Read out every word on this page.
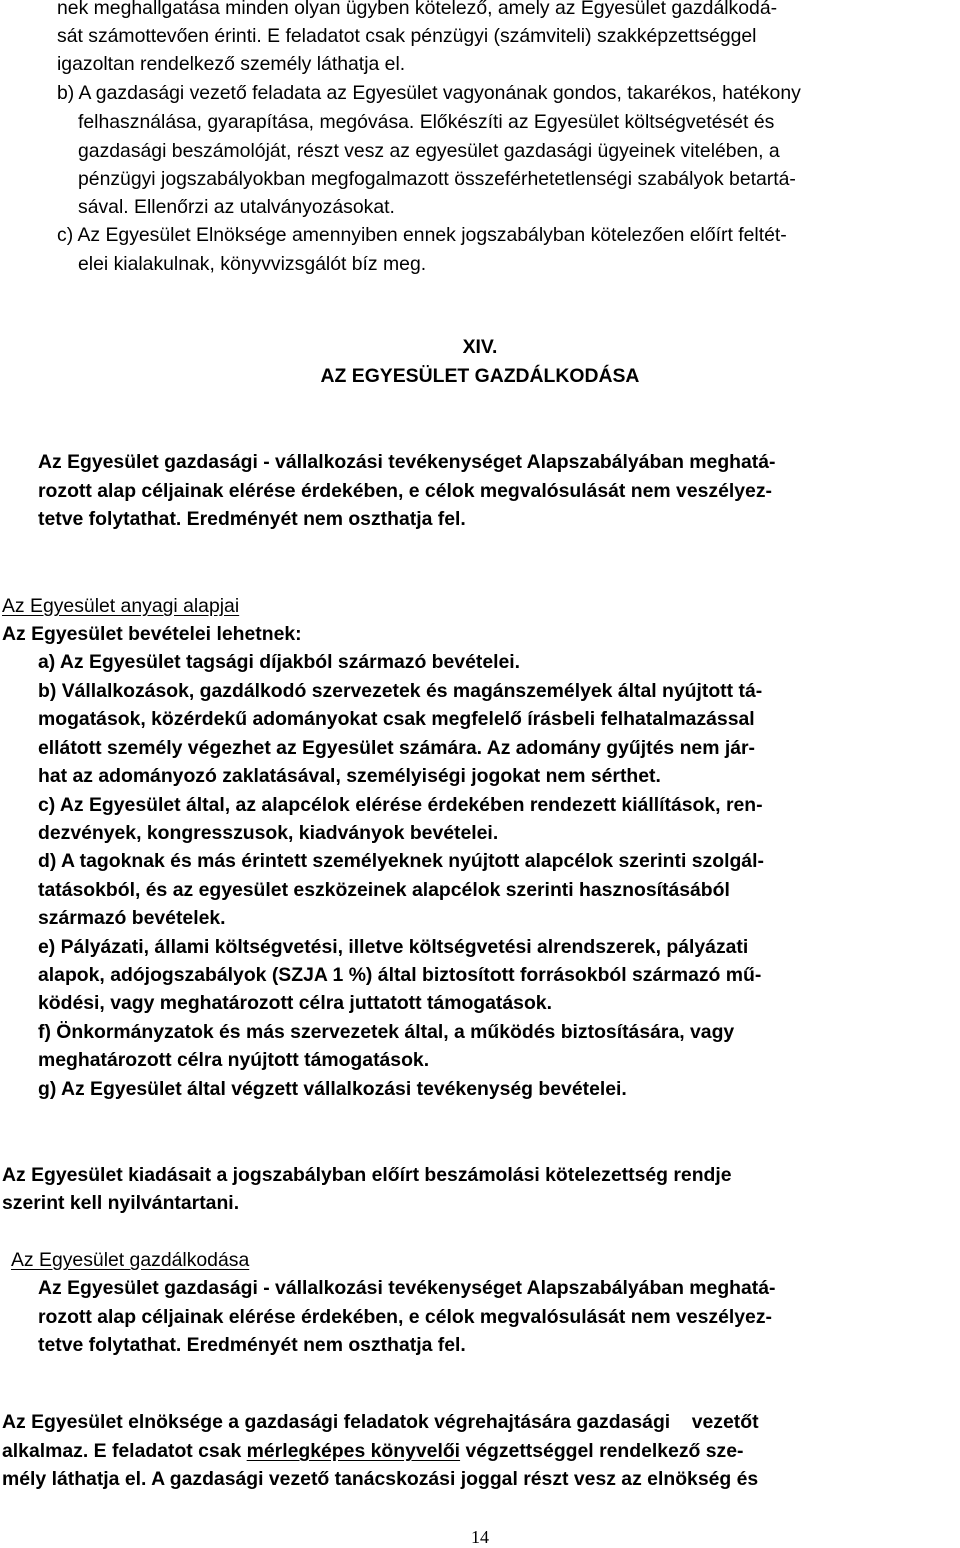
nek meghallgatása minden olyan ügyben kötelező, amely az Egyesület gazdálkodá-
sát számottevően érinti. E feladatot csak pénzügyi (számviteli) szakképzettséggel
igazoltan rendelkező személy láthatja el.
b) A gazdasági vezető feladata az Egyesület vagyonának gondos, takarékos, hatékony
felhasználása, gyarapítása, megóvása. Előkészíti az Egyesület költségvetését és
gazdasági beszámolóját, részt vesz az egyesület gazdasági ügyeinek vitelében, a
pénzügyi jogszabályokban megfogalmazott összeférhetetlenségi szabályok betartá-
sával. Ellenőrzi az utalványozásokat.
c) Az Egyesület Elnöksége amennyiben ennek jogszabályban kötelezően előírt feltét-
elei kialakulnak, könyvvizsgálót bíz meg.
XIV.
AZ EGYESÜLET GAZDÁLKODÁSA
Az Egyesület gazdasági - vállalkozási tevékenységet Alapszabályában meghatá-
rozott alap céljainak elérése érdekében, e célok megvalósulását nem veszélyez-
tetve folytathat. Eredményét nem oszthatja fel.
Az Egyesület anyagi alapjai
Az Egyesület bevételei lehetnek:
a) Az Egyesület tagsági díjakból származó bevételei.
b) Vállalkozások, gazdálkodó szervezetek és magánszemélyek által nyújtott tá-
mogatások, közérdekű adományokat csak megfelelő írásbeli felhatalmazással
ellátott személy végezhet az Egyesület számára. Az adomány gyűjtés nem jár-
hat az adományozó zaklatásával, személyiségi jogokat nem sérthet.
c) Az Egyesület által, az alapcélok elérése érdekében rendezett kiállítások, ren-
dezvények, kongresszusok, kiadványok bevételei.
d) A tagoknak és más érintett személyeknek nyújtott alapcélok szerinti szolgál-
tatásokból, és az egyesület eszközeinek alapcélok szerinti hasznosításából
származó bevételek.
e) Pályázati, állami költségvetési, illetve költségvetési alrendszerek, pályázati
alapok, adójogszabályok (SZJA 1 %) által biztosított forrásokból származó mű-
ködési, vagy meghatározott célra juttatott támogatások.
f) Önkormányzatok és más szervezetek által, a működés biztosítására, vagy
meghatározott célra nyújtott támogatások.
g) Az Egyesület által végzett vállalkozási tevékenység bevételei.
Az Egyesület kiadásait a jogszabályban előírt beszámolási kötelezettség rendje
szerint kell nyilvántartani.
Az Egyesület gazdálkodása
Az Egyesület gazdasági - vállalkozási tevékenységet Alapszabályában meghatá-
rozott alap céljainak elérése érdekében, e célok megvalósulását nem veszélyez-
tetve folytathat. Eredményét nem oszthatja fel.
Az Egyesület elnöksége a gazdasági feladatok végrehajtására gazdasági    vezetőt
alkalmaz. E feladatot csak mérlegképes könyvelői végzettséggel rendelkező sze-
mély láthatja el. A gazdasági vezető tanácskozási joggal részt vesz az elnökség és
14
